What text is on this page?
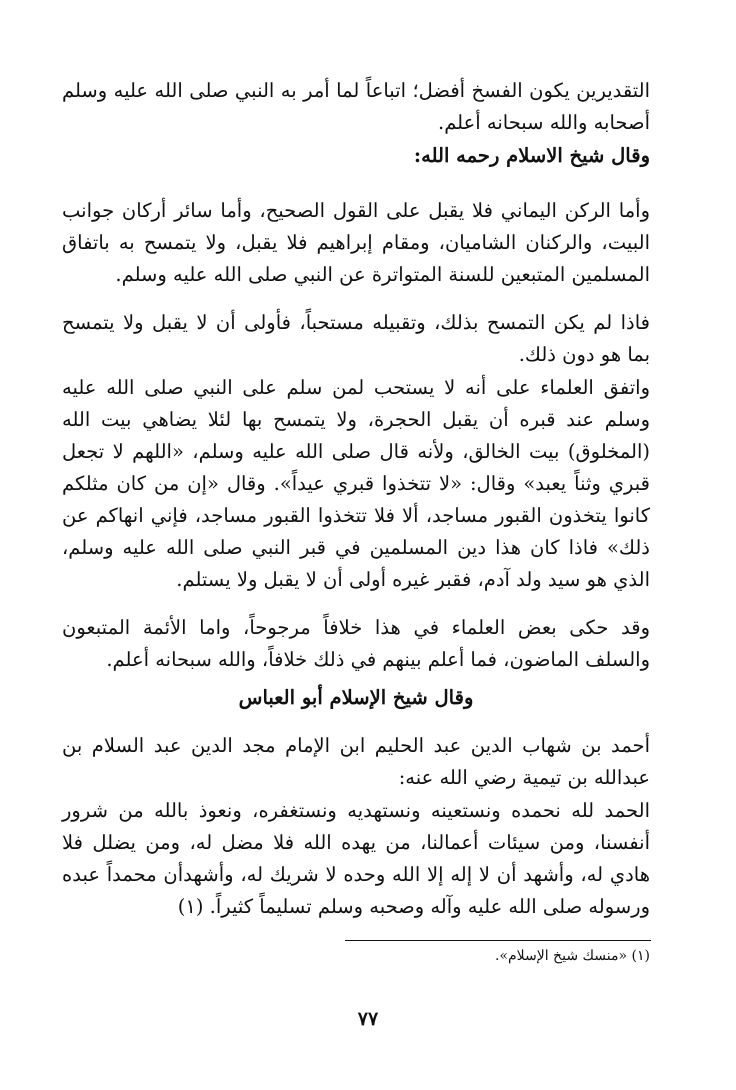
التقديرين يكون الفسخ أفضل؛ اتباعاً لما أمر به النبي صلى الله عليه وسلم أصحابه والله سبحانه أعلم.

وقال شيخ الاسلام رحمه الله:

وأما الركن اليماني فلا يقبل على القول الصحيح، وأما سائر أركان جوانب البيت، والركنان الشاميان، ومقام إبراهيم فلا يقبل، ولا يتمسح به باتفاق المسلمين المتبعين للسنة المتواترة عن النبي صلى الله عليه وسلم.

فاذا لم يكن التمسح بذلك، وتقبيله مستحباً، فأولى أن لا يقبل ولا يتمسح بما هو دون ذلك.

واتفق العلماء على أنه لا يستحب لمن سلم على النبي صلى الله عليه وسلم عند قبره أن يقبل الحجرة، ولا يتمسح بها لئلا يضاهي بيت الله (المخلوق) بيت الخالق، ولأنه قال صلى الله عليه وسلم، «اللهم لا تجعل قبري وثناً يعبد» وقال: «لا تتخذوا قبري عيداً». وقال «إن من كان مثلكم كانوا يتخذون القبور مساجد، ألا فلا تتخذوا القبور مساجد، فإني انهاكم عن ذلك» فاذا كان هذا دين المسلمين في قبر النبي صلى الله عليه وسلم، الذي هو سيد ولد آدم، فقبر غيره أولى أن لا يقبل ولا يستلم.

وقد حكى بعض العلماء في هذا خلافاً مرجوحاً، واما الأئمة المتبعون والسلف الماضون، فما أعلم بينهم في ذلك خلافاً، والله سبحانه أعلم.

وقال شيخ الإسلام أبو العباس

أحمد بن شهاب الدين عبد الحليم ابن الإمام مجد الدين عبد السلام بن عبدالله بن تيمية رضي الله عنه:

الحمد لله نحمده ونستعينه ونستهديه ونستغفره، ونعوذ بالله من شرور أنفسنا، ومن سيئات أعمالنا، من يهده الله فلا مضل له، ومن يضلل فلا هادي له، وأشهد أن لا إله إلا الله وحده لا شريك له، وأشهدأن محمداً عبده ورسوله صلى الله عليه وآله وصحبه وسلم تسليماً كثيراً. (١)

(١) «منسك شيخ الإسلام».
٧٧
